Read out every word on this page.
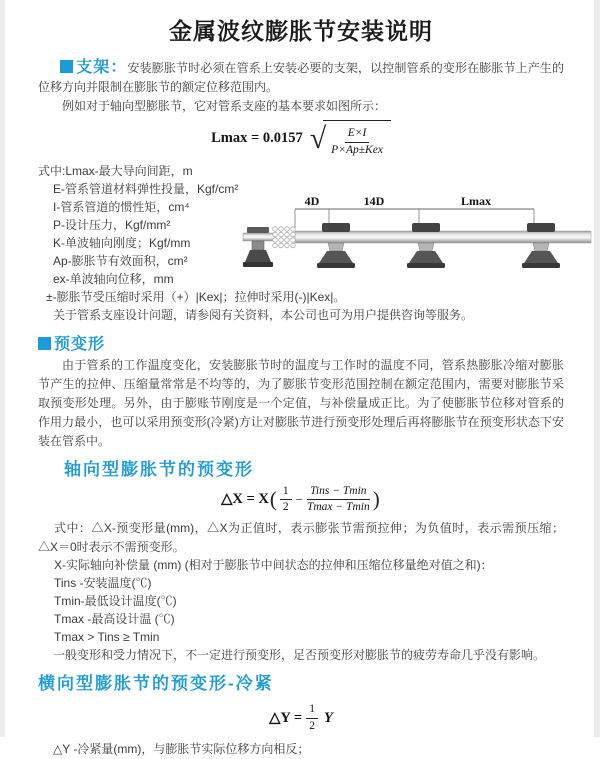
金属波纹膨胀节安装说明

支架：安装膨胀节时必须在管系上安装必要的支架，以控制管系的变形在膨胀节上产生的位移方向并限制在膨胀节的额定位移范围内。

例如对于轴向型膨胀节，它对管系支座的基本要求如图所示：

Lmax = 0.0157 √ $\frac{E\times I}{\text{P×Ap±Kex}}$
式中:Lmax-最大导向间距，m
E-管系管道材料弹性投量，Kgf/cm²
I-管系管道的惯性矩，cm⁴
P-设计压力，Kgf/mm²
K-单波轴向刚度；Kgf/mm
Ap-膨胀节有效面积，cm²
ex-单波轴向位移，mm
±-膨胀节受压缩时采用（+）|Kex|；拉伸时采用(-)|Kex|。

关于管系支座设计问题，请参阅有关资料，本公司也可为用户提供咨询等服务。

预变形

由于管系的工作温度变化，安装膨胀节时的温度与工作时的温度不同，管系热膨胀冷缩对膨胀节产生的拉伸、压缩量常常是不均等的，为了膨胀节变形范围控制在额定范围内，需要对膨胀节采取预变形处理。另外，由于膨账节刚度是一个定值，与补偿量成正比。为了使膨胀节位移对管系的作用力最小，也可以采用预变形(冷紧)方让对膨胀节进行预变形处理后再将膨胀节在预变形状态下安装在管系中。

轴向型膨胀节的预变形
△X = X ( $\frac{1}{2} - \frac{\text{Tins − Tmin}}{Tmax - Tmin}$ )

式中：△X-预变形量(mm)，△X为正值时，表示膨张节需预拉伸；为负值时，表示需预压缩；△X＝0时表示不需预变形。

X-实际轴向补偿量 (mm) (相对于膨胀节中间状态的拉伸和压缩位移量绝对值之和)：
Tins -安装温度(℃)
Tmin-最低设计温度(℃)
Tmax -最高设计温 (℃)
Tmax > Tins ≥ Tmin

一般变形和受力情况下，不一定进行预变形，足否预变形对膨胀节的疲劳寿命几乎没有影响。

横向型膨胀节的预变形-冷紧
△Y = $\frac{1}{2}$ Y

△Y -冷紧量(mm)，与膨胀节实际位移方向相反；

4D	14D	Lmax
